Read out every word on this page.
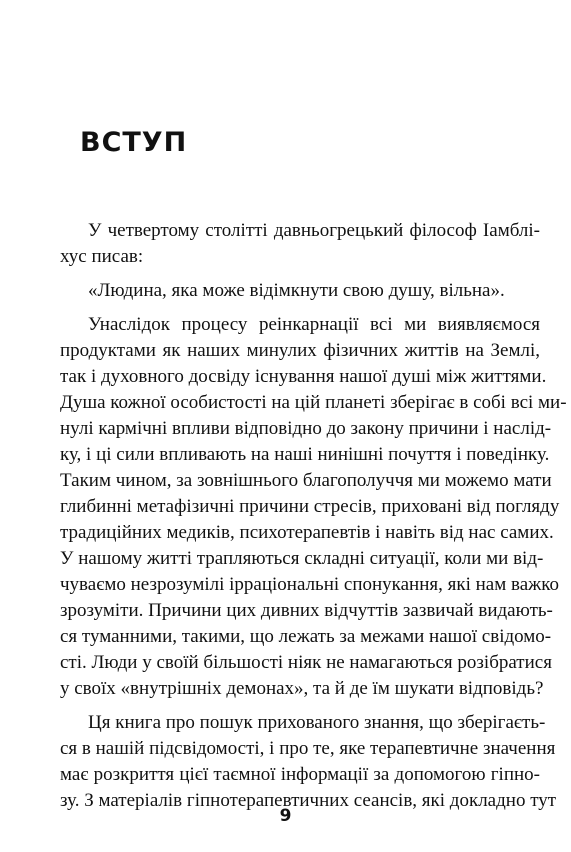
ВСТУП

У четвертому столітті давньогрецький філософ Іамблі-

хус писав:

«Людина, яка може відімкнути свою душу, вільна».

Унаслідок процесу реінкарнації всі ми виявляємося

продуктами як наших минулих фізичних життів на Землі,

так і духовного досвіду існування нашої душі між життями.

Душа кожної особистості на цій планеті зберігає в собі всі ми-

нулі кармічні впливи відповідно до закону причини і наслід-

ку, і ці сили впливають на наші нинішні почуття і поведінку.

Таким чином, за зовнішнього благополуччя ми можемо мати

глибинні метафізичні причини стресів, приховані від погляду

традиційних медиків, психотерапевтів і навіть від нас самих.

У нашому житті трапляються складні ситуації, коли ми від-

чуваємо незрозумілі ірраціональні спонукання, які нам важко

зрозуміти. Причини цих дивних відчуттів зазвичай видають-

ся туманними, такими, що лежать за межами нашої свідомо-

сті. Люди у своїй більшості ніяк не намагаються розібратися

у своїх «внутрішніх демонах», та й де їм шукати відповідь?

Ця книга про пошук прихованого знання, що зберігаєть-

ся в нашій підсвідомості, і про те, яке терапевтичне значення

має розкриття цієї таємної інформації за допомогою гіпно-

зу. З матеріалів гіпнотерапевтичних сеансів, які докладно тут

9
